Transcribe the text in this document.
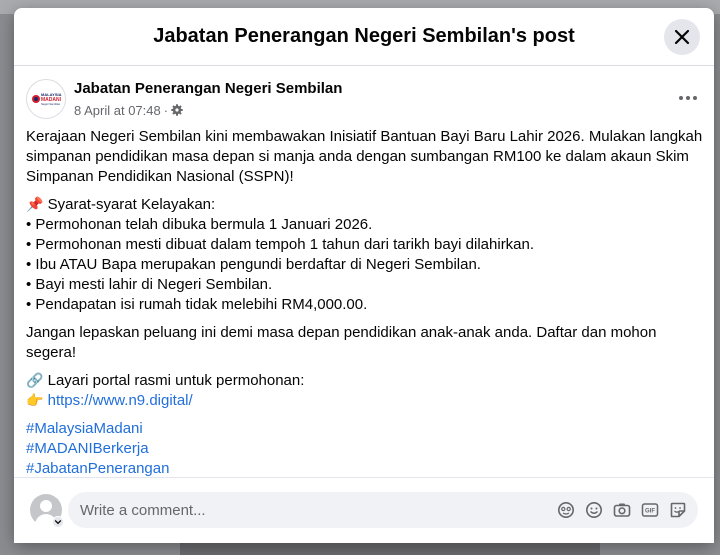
Jabatan Penerangan Negeri Sembilan's post
MALAYSIA
MADANI
Negeri Sembilan
Jabatan Penerangan Negeri Sembilan
8 April at 07:48 ·
Kerajaan Negeri Sembilan kini membawakan Inisiatif Bantuan Bayi Baru Lahir 2026. Mulakan langkah simpanan pendidikan masa depan si manja anda dengan sumbangan RM100 ke dalam akaun Skim Simpanan Pendidikan Nasional (SSPN)!

📌 Syarat-syarat Kelayakan:

• Permohonan telah dibuka bermula 1 Januari 2026.

• Permohonan mesti dibuat dalam tempoh 1 tahun dari tarikh bayi dilahirkan.

• Ibu ATAU Bapa merupakan pengundi berdaftar di Negeri Sembilan.

• Bayi mesti lahir di Negeri Sembilan.

• Pendapatan isi rumah tidak melebihi RM4,000.00.

Jangan lepaskan peluang ini demi masa depan pendidikan anak-anak anda. Daftar dan mohon segera!

🔗 Layari portal rasmi untuk permohonan:

👉 https://www.n9.digital/

#MalaysiaMadani
#MADANIBerkerja
#JabatanPenerangan
Write a comment...
GIF
